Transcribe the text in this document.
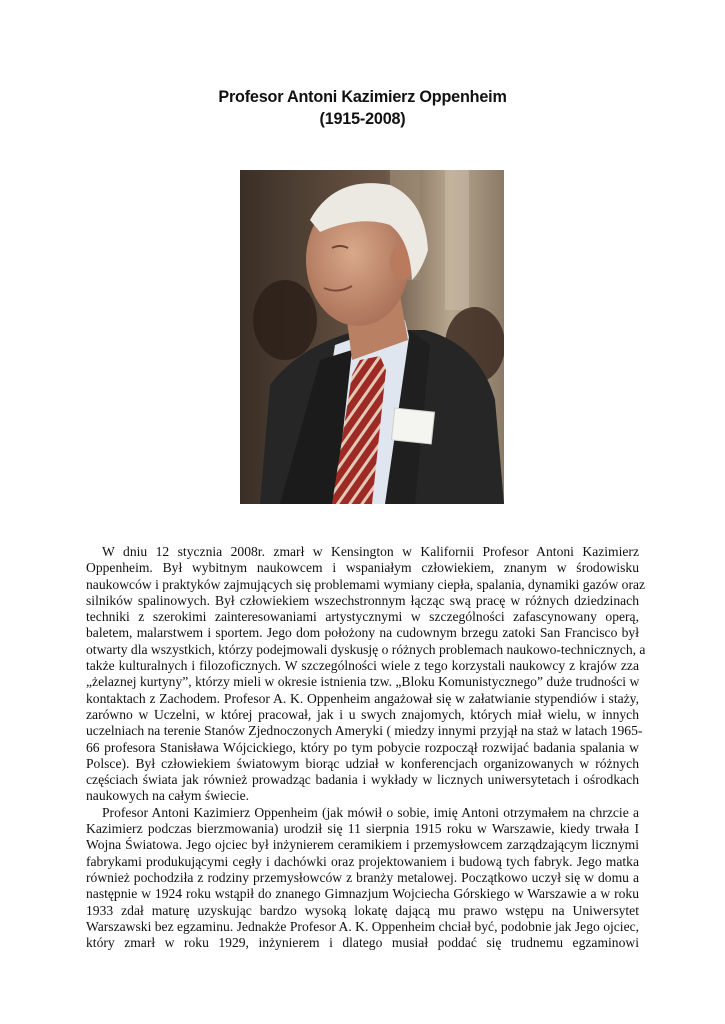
Profesor Antoni Kazimierz Oppenheim
(1915-2008)
W dniu 12 stycznia 2008r. zmarł w Kensington w Kalifornii Profesor Antoni Kazimierz
Oppenheim. Był wybitnym naukowcem i wspaniałym człowiekiem, znanym w środowisku
naukowców i praktyków zajmujących się problemami wymiany ciepła, spalania, dynamiki gazów oraz
silników spalinowych. Był człowiekiem wszechstronnym łącząc swą pracę w różnych dziedzinach
techniki z szerokimi zainteresowaniami artystycznymi w szczególności zafascynowany operą,
baletem, malarstwem i sportem. Jego dom położony na cudownym brzegu zatoki San Francisco był
otwarty dla wszystkich, którzy podejmowali dyskusję o różnych problemach naukowo-technicznych, a
także kulturalnych i filozoficznych. W szczególności wiele z tego korzystali naukowcy z krajów zza
„żelaznej kurtyny”, którzy mieli w okresie istnienia tzw. „Bloku Komunistycznego” duże trudności w
kontaktach z Zachodem. Profesor A. K. Oppenheim angażował się w załatwianie stypendiów i staży,
zarówno w Uczelni, w której pracował, jak i u swych znajomych, których miał wielu, w innych
uczelniach na terenie Stanów Zjednoczonych Ameryki ( miedzy innymi przyjął na staż w latach 1965-
66 profesora Stanisława Wójcickiego, który po tym pobycie rozpoczął rozwijać badania spalania w
Polsce). Był człowiekiem światowym biorąc udział w konferencjach organizowanych w różnych
częściach świata jak również prowadząc badania i wykłady w licznych uniwersytetach i ośrodkach
naukowych na całym świecie.
Profesor Antoni Kazimierz Oppenheim (jak mówił o sobie, imię Antoni otrzymałem na chrzcie a
Kazimierz podczas bierzmowania) urodził się 11 sierpnia 1915 roku w Warszawie, kiedy trwała I
Wojna Światowa. Jego ojciec był inżynierem ceramikiem i przemysłowcem zarządzającym licznymi
fabrykami produkującymi cegły i dachówki oraz projektowaniem i budową tych fabryk. Jego matka
również pochodziła z rodziny przemysłowców z branży metalowej. Początkowo uczył się w domu a
następnie w 1924 roku wstąpił do znanego Gimnazjum Wojciecha Górskiego w Warszawie a w roku
1933 zdał maturę uzyskując bardzo wysoką lokatę dającą mu prawo wstępu na Uniwersytet
Warszawski bez egzaminu. Jednakże Profesor A. K. Oppenheim chciał być, podobnie jak Jego ojciec,
który zmarł w roku 1929, inżynierem i dlatego musiał poddać się trudnemu egzaminowi
